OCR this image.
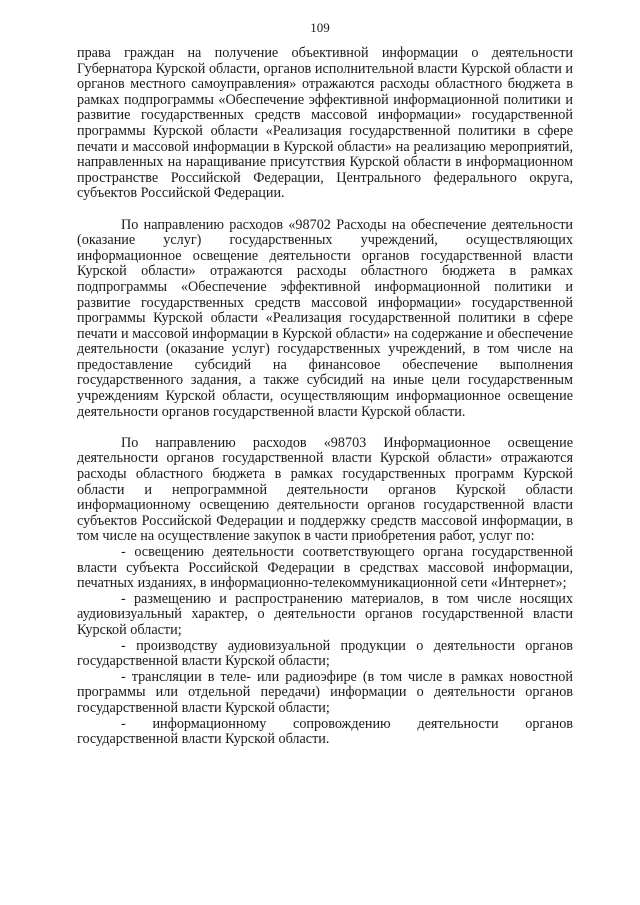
109

права граждан на получение объективной информации о деятельности Губернатора Курской области, органов исполнительной власти Курской области и органов местного самоуправления» отражаются расходы областного бюджета в рамках подпрограммы «Обеспечение эффективной информационной политики и развитие государственных средств массовой информации» государственной программы Курской области «Реализация государственной политики в сфере печати и массовой информации в Курской области» на реализацию мероприятий, направленных на наращивание присутствия Курской области в информационном пространстве Российской Федерации, Центрального федерального округа, субъектов Российской Федерации.

По направлению расходов «98702 Расходы на обеспечение деятельности (оказание услуг) государственных учреждений, осуществляющих информационное освещение деятельности органов государственной власти Курской области» отражаются расходы областного бюджета в рамках подпрограммы «Обеспечение эффективной информационной политики и развитие государственных средств массовой информации» государственной программы Курской области «Реализация государственной политики в сфере печати и массовой информации в Курской области» на содержание и обеспечение деятельности (оказание услуг) государственных учреждений, в том числе на предоставление субсидий на финансовое обеспечение выполнения государственного задания, а также субсидий на иные цели государственным учреждениям Курской области, осуществляющим информационное освещение деятельности органов государственной власти Курской области.

По направлению расходов «98703 Информационное освещение деятельности органов государственной власти Курской области» отражаются расходы областного бюджета в рамках государственных программ Курской области и непрограммной деятельности органов Курской области информационному освещению деятельности органов государственной власти субъектов Российской Федерации и поддержку средств массовой информации, в том числе на осуществление закупок в части приобретения работ, услуг по:

- освещению деятельности соответствующего органа государственной власти субъекта Российской Федерации в средствах массовой информации, печатных изданиях, в информационно-телекоммуникационной сети «Интернет»;

- размещению и распространению материалов, в том числе носящих аудиовизуальный характер, о деятельности органов государственной власти Курской области;

- производству аудиовизуальной продукции о деятельности органов государственной власти Курской области;

- трансляции в теле- или радиоэфире (в том числе в рамках новостной программы или отдельной передачи) информации о деятельности органов государственной власти Курской области;

- информационному сопровождению деятельности органов государственной власти Курской области.
